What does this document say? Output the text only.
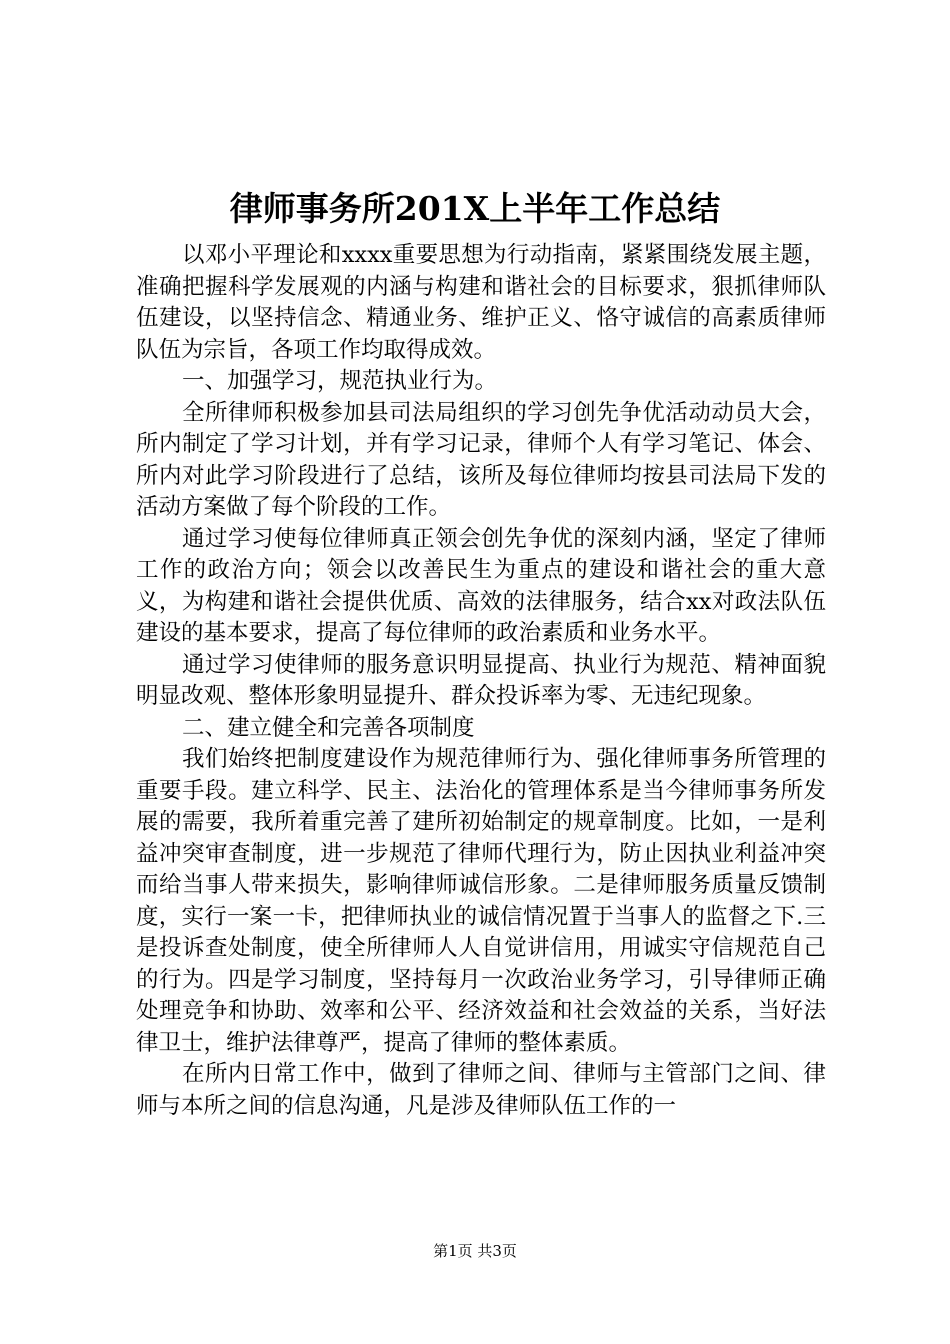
律师事务所201X上半年工作总结

以邓小平理论和xxxx重要思想为行动指南，紧紧围绕发展主题，准确把握科学发展观的内涵与构建和谐社会的目标要求，狠抓律师队伍建设，以坚持信念、精通业务、维护正义、恪守诚信的高素质律师队伍为宗旨，各项工作均取得成效。

一、加强学习，规范执业行为。

全所律师积极参加县司法局组织的学习创先争优活动动员大会，所内制定了学习计划，并有学习记录，律师个人有学习笔记、体会、所内对此学习阶段进行了总结，该所及每位律师均按县司法局下发的活动方案做了每个阶段的工作。

通过学习使每位律师真正领会创先争优的深刻内涵，坚定了律师工作的政治方向；领会以改善民生为重点的建设和谐社会的重大意义，为构建和谐社会提供优质、高效的法律服务，结合xx对政法队伍建设的基本要求，提高了每位律师的政治素质和业务水平。

通过学习使律师的服务意识明显提高、执业行为规范、精神面貌明显改观、整体形象明显提升、群众投诉率为零、无违纪现象。

二、建立健全和完善各项制度

我们始终把制度建设作为规范律师行为、强化律师事务所管理的重要手段。建立科学、民主、法治化的管理体系是当今律师事务所发展的需要，我所着重完善了建所初始制定的规章制度。比如，一是利益冲突审查制度，进一步规范了律师代理行为，防止因执业利益冲突而给当事人带来损失，影响律师诚信形象。二是律师服务质量反馈制度，实行一案一卡，把律师执业的诚信情况置于当事人的监督之下.三是投诉查处制度，使全所律师人人自觉讲信用，用诚实守信规范自己的行为。四是学习制度，坚持每月一次政治业务学习，引导律师正确处理竞争和协助、效率和公平、经济效益和社会效益的关系，当好法律卫士，维护法律尊严，提高了律师的整体素质。

在所内日常工作中，做到了律师之间、律师与主管部门之间、律师与本所之间的信息沟通，凡是涉及律师队伍工作的一

第1页 共3页
